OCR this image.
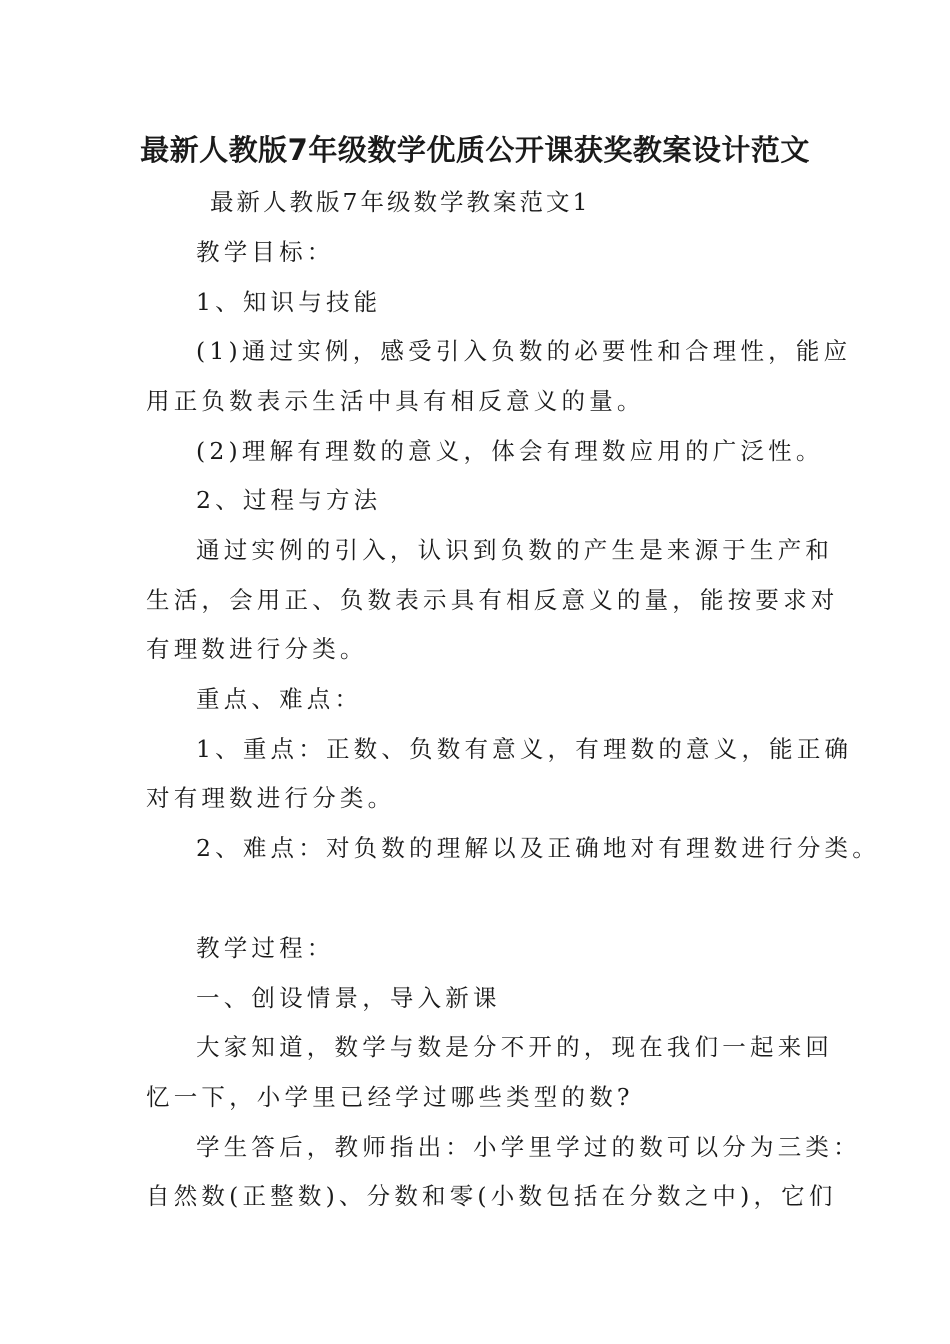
最新人教版7年级数学优质公开课获奖教案设计范文

最新人教版7年级数学教案范文1

教学目标：

1、知识与技能

(1)通过实例，感受引入负数的必要性和合理性，能应

用正负数表示生活中具有相反意义的量。

(2)理解有理数的意义，体会有理数应用的广泛性。

2、过程与方法

通过实例的引入，认识到负数的产生是来源于生产和

生活，会用正、负数表示具有相反意义的量，能按要求对

有理数进行分类。

重点、难点：

1、重点：正数、负数有意义，有理数的意义，能正确

对有理数进行分类。

2、难点：对负数的理解以及正确地对有理数进行分类。

教学过程：

一、创设情景，导入新课

大家知道，数学与数是分不开的，现在我们一起来回

忆一下，小学里已经学过哪些类型的数?

学生答后，教师指出：小学里学过的数可以分为三类：

自然数(正整数)、分数和零(小数包括在分数之中)，它们
